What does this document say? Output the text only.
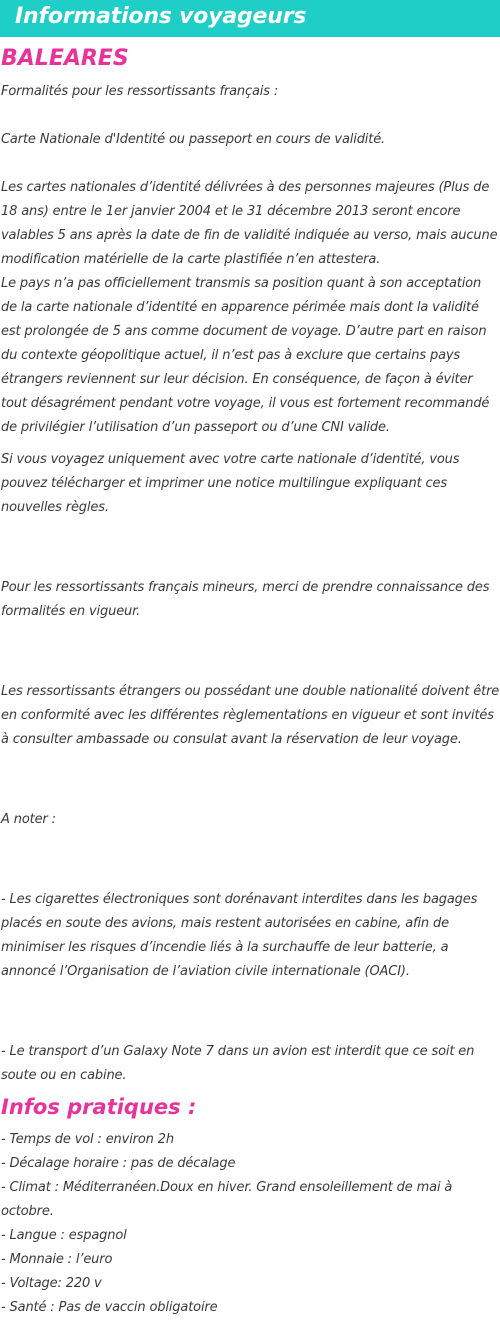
Informations voyageurs
BALEARES

Formalités pour les ressortissants français :

Carte Nationale d'Identité ou passeport en cours de validité.

Les cartes nationales d’identité délivrées à des personnes majeures (Plus de 18 ans) entre le 1er janvier 2004 et le 31 décembre 2013 seront encore valables 5 ans après la date de fin de validité indiquée au verso, mais aucune modification matérielle de la carte plastifiée n’en attestera.

Le pays n’a pas officiellement transmis sa position quant à son acceptation de la carte nationale d’identité en apparence périmée mais dont la validité est prolongée de 5 ans comme document de voyage. D’autre part en raison du contexte géopolitique actuel, il n’est pas à exclure que certains pays étrangers reviennent sur leur décision. En conséquence, de façon à éviter tout désagrément pendant votre voyage, il vous est fortement recommandé de privilégier l’utilisation d’un passeport ou d’une CNI valide.

Si vous voyagez uniquement avec votre carte nationale d’identité, vous pouvez télécharger et imprimer une notice multilingue expliquant ces nouvelles règles.

Pour les ressortissants français mineurs, merci de prendre connaissance des formalités en vigueur.

Les ressortissants étrangers ou possédant une double nationalité doivent être en conformité avec les différentes règlementations en vigueur et sont invités à consulter ambassade ou consulat avant la réservation de leur voyage.

A noter :

- Les cigarettes électroniques sont dorénavant interdites dans les bagages placés en soute des avions, mais restent autorisées en cabine, afin de minimiser les risques d’incendie liés à la surchauffe de leur batterie, a annoncé l’Organisation de l’aviation civile internationale (OACI).

- Le transport d’un Galaxy Note 7 dans un avion est interdit que ce soit en soute ou en cabine.

Infos pratiques :

- Temps de vol : environ 2h

- Décalage horaire : pas de décalage

- Climat : Méditerranéen.Doux en hiver. Grand ensoleillement de mai à octobre.

- Langue : espagnol

- Monnaie : l’euro

- Voltage: 220 v

- Santé : Pas de vaccin obligatoire
